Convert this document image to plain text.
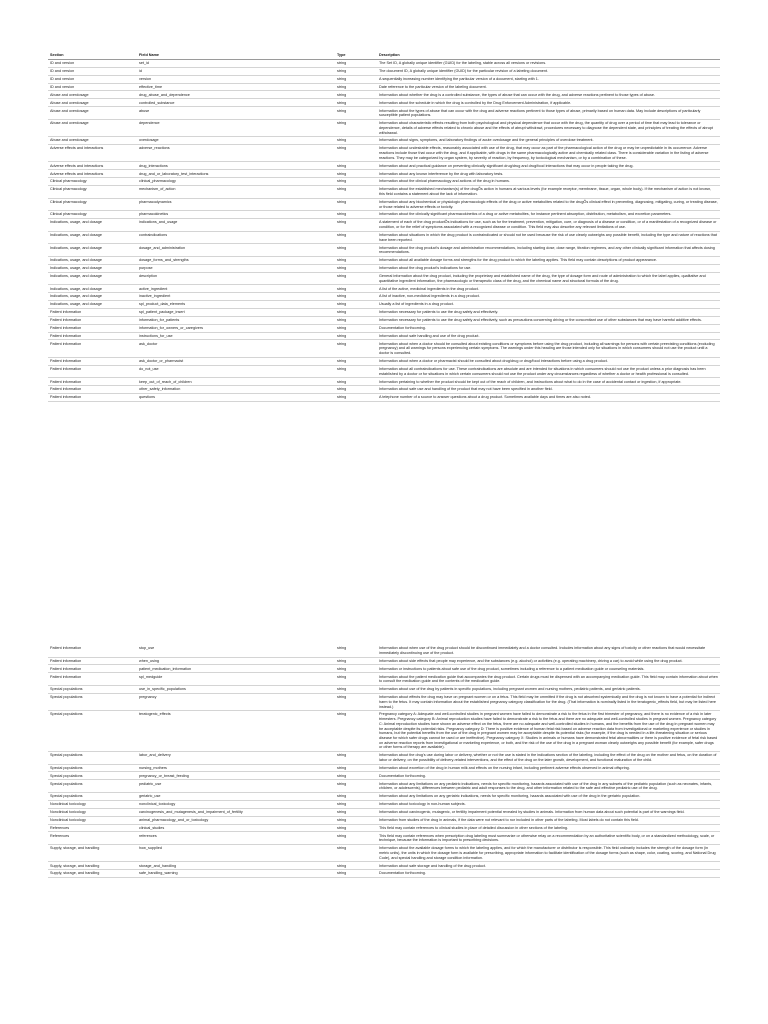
Section	Field Name	Type	Description
ID and version	set_id	string	The Set ID, A globally unique identifier (GUID) for the labeling, stable across all versions or revisions.
ID and version	id	string	The document ID, A globally unique identifier (GUID) for the particular revision of a labeling document.
ID and version	version	string	A sequentially increasing number identifying the particular version of a document, starting with 1.
ID and version	effective_time	string	Date reference to the particular version of the labeling document.
Abuse and overdosage	drug_abuse_and_dependence	string	Information about whether the drug is a controlled substance, the types of abuse that can occur with the drug, and adverse reactions pertinent to those types of abuse.
Abuse and overdosage	controlled_substance	string	Information about the schedule in which the drug is controlled by the Drug Enforcement Administration, if applicable.
Abuse and overdosage	abuse	string	Information about the types of abuse that can occur with the drug and adverse reactions pertinent to those types of abuse, primarily based on human data. May include descriptions of particularly susceptible patient populations.
Abuse and overdosage	dependence	string	Information about characteristic effects resulting from both psychological and physical dependence that occur with the drug, the quantity of drug over a period of time that may lead to tolerance or dependence, details of adverse effects related to chronic abuse and the effects of abrupt withdrawl, procedures necessary to diagnose the dependent state, and principles of treating the effects of abrupt withdrawal.
Abuse and overdosage	overdosage	string	Information about signs, symptoms, and laboratory findings of acute ovedosage and the general principles of overdose treatment.
Adverse effects and interactions	adverse_reactions	string	Information about undesirable effects, reasonably associated with use of the drug, that may occur as part of the pharmacological action of the drug or may be unpredictable in its occurrence. Adverse reactions include those that occur with the drug, and if applicable, with drugs in the same pharmacologically active and chemically related class. There is considerable variation in the listing of adverse reactions. They may be categorized by organ system, by severity of reaction, by frequency, by toxicological mechanism, or by a combination of these.
Adverse effects and interactions	drug_interactions	string	Information about and practical guidance on preventing clinically significant drug/drug and drug/food interactions that may occur in people taking the drug.
Adverse effects and interactions	drug_and_or_laboratory_test_interactions	string	Information about any known interference by the drug with laboratory tests.
Clinical pharmacology	clinical_pharmacology	string	Information about the clinical pharmacology and actions of the drug in humans.
Clinical pharmacology	mechanism_of_action	string	Information about the established mechanism(s) of the drugÕs action in humans at various levels (for example receptor, membrane, tissue, organ, whole body). If the mechanism of action is not known, this field contains a statement about the lack of information.
Clinical pharmacology	pharmacodynamics	string	Information about any biochemical or physiologic pharmacologic effects of the drug or active metabolites related to the drugÕs clinical effect in preventing, diagnosing, mitigating, curing, or treating disease, or those related to adverse effects or toxicity.
Clinical pharmacology	pharmacokinetics	string	Information about the clinically significant pharmacokinetics of a drug or active metabolites, for instance pertinent absorption, distribution, metabolism, and excretion parameters.
Indications, usage, and dosage	indications_and_usage	string	A statement of each of the drug productÕs indications for use, such as for the treatment, prevention, mitigation, cure, or diagnosis of a disease or condition, or of a manifestation of a recognized disease or condition, or for the relief of symptoms associated with a recognized disease or condition. This field may also describe any relevant limitations of use.
Indications, usage, and dosage	contraindications	string	Information about situations in which the drug product is contraindicated or should not be used because the risk of use clearly outweighs any possible benefit, including the type and nature of reactions that have been reported.
Indications, usage, and dosage	dosage_and_administration	string	Information about the drug product's dosage and administration recommendations, including starting dose, dose range, titration regimens, and any other clinically significant information that affects dosing recommendations.
Indications, usage, and dosage	dosage_forms_and_strengths	string	Information about all available dosage forms and strengths for the drug product to which the labeling applies. This field may contain descriptions of product appearance.
Indications, usage, and dosage	purpose	string	Information about the drug product's indications for use.
Indications, usage, and dosage	description	string	General information about the drug product, including the proprietary and established name of the drug, the type of dosage form and route of administration to which the label applies, qualitative and quantitative ingredient information, the pharmacologic or therapeutic class of the drug, and the chemical name and structural formula of the drug.
Indications, usage, and dosage	active_ingredient	string	A list of the active, medicinal ingredients in the drug product.
Indications, usage, and dosage	inactive_ingredient	string	A list of inactive, non-medicinal ingredients in a drug product.
Indications, usage, and dosage	spl_product_data_elements	string	Usually a list of ingredients in a drug product.
Patient information	spl_patient_package_insert	string	Information necessary for patients to use the drug safely and effectively.
Patient information	information_for_patients	string	Information necessary for patients to use the drug safely and effectively, such as precautions concerning driving or the concomitant use of other substances that may have harmful additive effects.
Patient information	information_for_owners_or_caregivers	string	Documentation forthcoming.
Patient information	instructions_for_use	string	Information about safe handling and use of the drug product.
Patient information	ask_doctor	string	Information about when a doctor should be consulted about existing conditions or symptoms before using the drug product, including all warnings for persons with certain preexisting conditions (excluding pregnancy) and all warnings for persons experiencing certain symptoms. The warnings under this heading are those intended only for situations in which consumers should not use the product until a doctor is consulted.
Patient information	ask_doctor_or_pharmacist	string	Information about when a doctor or pharmacist should be consulted about drug/drug or drug/food interactions before using a drug product.
Patient information	do_not_use	string	Information about all contraindications for use. These contraindications are absolute and are intended for situations in which consumers should not use the product unless a prior diagnosis has been established by a doctor or for situations in which certain consumers should not use the product under any circumstances regardless of whether a doctor or health professional is consulted.
Patient information	keep_out_of_reach_of_children	string	Information pertaining to whether the product should be kept out of the reach of children, and instructions about what to do in the case of accidental contact or ingestion, if appropriate.
Patient information	other_safety_information	string	Information about safe use and handling of the product that may not have been specified in another field.
Patient information	questions	string	A telephone number of a source to answer questions about a drug product. Sometimes available days and times are also noted.
Patient information	stop_use	string	Information about when use of the drug product should be discontinued immediately and a doctor consulted. Includes information about any signs of toxicity or other reactions that would necessitate immediately discontinuing use of the product.
Patient information	when_using	string	Information about side effects that people may experience, and the substances (e.g. alcohol) or activities (e.g. operating machinery, driving a car) to avoid while using the drug product.
Patient information	patient_medication_information	string	Information or instructions to patients about safe use of the drug product, sometimes including a reference to a patient medication guide or counseling materials.
Patient information	spl_medguide	string	Information about the patient medication guide that accompanies the drug product. Certain drugs must be dispensed with an accompanying medication guide. This field may contain information about when to consult the medication guide and the contents of the medication guide.
Special populations	use_in_specific_populations	string	Information about use of the drug by patients in specific populations, including pregnant women and nursing mothers, pediatric patients, and geriatric patients.
Special populations	pregnancy	string	Information about effects the drug may have on pregnant women or on a fetus. This field may be ommitted if the drug is not absorbed systemically and the drug is not known to have a potential for indirect harm to the fetus. It may contain information about the established pregnancy category classification for the drug. (That information is nominally listed in the teratogenic_effects field, but may be listed here instead.)
Special populations	teratogenic_effects	string	Pregnancy category A: Adequate and well-controlled studies in pregnant women have failed to demonstrate a risk to the fetus in the first trimester of pregnancy, and there is no evidence of a risk in later trimesters. Pregnancy category B: Animal reproduction studies have failed to demonstrate a risk to the fetus and there are no adequate and well-controlled studies in pregnant women. Pregnancy category C: Animal reproduction studies have shown an adverse effect on the fetus, there are no adequate and well-controlled studies in humans, and the benefits from the use of the drug in pregnant women may be acceptable despite its potential risks. Pregnancy category D: There is positive evidence of human fetal risk based on adverse reaction data from investigational or marketing experience or studies in humans, but the potential benefits from the use of the drug in pregnant women may be acceptable despite its potential risks (for example, if the drug is needed in a life-threatening situation or serious disease for which safer drugs cannot be used or are ineffective). Pregnancy category X: Studies in animals or humans have demonstrated fetal abnormalities or there is positive evidence of fetal risk based on adverse reaction reports from investigational or marketing experience, or both, and the risk of the use of the drug in a pregnant woman clearly outweighs any possible benefit (for example, safer drugs or other forms of therapy are available).
Special populations	labor_and_delivery	string	Information about the drug's use during labor or delivery, whether or not the use is stated in the indications section of the labeling, including the effect of the drug on the mother and fetus, on the duration of labor or delivery, on the possibility of delivery-related interventions, and the effect of the drug on the later growth, development, and functional maturation of the child.
Special populations	nursing_mothers	string	Information about excretion of the drug in human milk and effects on the nursing infant, including pertinent adverse effects observed in animal offspring.
Special populations	pregnancy_or_breast_feeding	string	Documentation forthcoming.
Special populations	pediatric_use	string	Information about any limitations on any pediatric indications, needs for specific monitoring, hazards associated with use of the drug in any subsets of the pediatric population (such as neonates, infants, children, or adolescents), differences between pediatric and adult responses to the drug, and other information related to the safe and effective pediatric use of the drug.
Special populations	geriatric_use	string	Information about any limitations on any geriatric indications, needs for specific monitoring, hazards associated with use of the drug in the geriatric population.
Nonclinical toxicology	nonclinical_toxicology	string	Information about toxicology in non-human subjects.
Nonclinical toxicology	carcinogenesis_and_mutagenesis_and_impairment_of_fertility	string	Information about carcinogenic, mutagenic, or fertility impairment potential revealed by studies in animals. Information from human data about such potential is part of the warnings field.
Nonclinical toxicology	animal_pharmacology_and_or_toxicology	string	Information from studies of the drug in animals, if the data were not relevant to nor included in other parts of the labeling. Most labels do not contain this field.
References	clinical_studies	string	This field may contain references to clinical studies in place of detailed discussion in other sections of the labeling.
References	references	string	This field may contain references when prescription drug labeling must summarize or otherwise relay on a recommendation by an authoritative scientific body, or on a standardized methodology, scale, or technique, because the information is important to prescribing decisions.
Supply, storage, and handling	how_supplied	string	Information about the available dosage forms to which the labeling applies, and for which the manufacturer or distributor is responsible. This field ordinarily includes the strength of the dosage form (in metric units), the units in which the dosage form is available for prescribing, appropriate information to facilitate identification of the dosage forms (such as shape, color, coating, scoring, and National Drug Code), and special handling and storage condition information.
Supply, storage, and handling	storage_and_handling	string	Information about safe storage and handling of the drug product.
Supply, storage, and handling	safe_handling_warning	string	Documentation forthcoming.
